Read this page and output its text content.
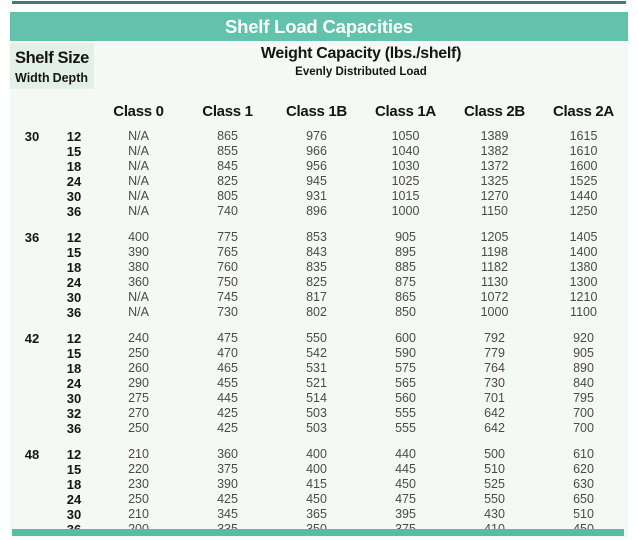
Shelf Load Capacities
Shelf Size
Width Depth
Weight Capacity (lbs./shelf)
Evenly Distributed Load
Class 0	Class 1	Class 1B	Class 1A	Class 2B	Class 2A
30	12	N/A	865	976	1050	1389	1615
15	N/A	855	966	1040	1382	1610
18	N/A	845	956	1030	1372	1600
24	N/A	825	945	1025	1325	1525
30	N/A	805	931	1015	1270	1440
36	N/A	740	896	1000	1150	1250
36	12	400	775	853	905	1205	1405
15	390	765	843	895	1198	1400
18	380	760	835	885	1182	1380
24	360	750	825	875	1130	1300
30	N/A	745	817	865	1072	1210
36	N/A	730	802	850	1000	1100
42	12	240	475	550	600	792	920
15	250	470	542	590	779	905
18	260	465	531	575	764	890
24	290	455	521	565	730	840
30	275	445	514	560	701	795
32	270	425	503	555	642	700
36	250	425	503	555	642	700
48	12	210	360	400	440	500	610
15	220	375	400	445	510	620
18	230	390	415	450	525	630
24	250	425	450	475	550	650
30	210	345	365	395	430	510
